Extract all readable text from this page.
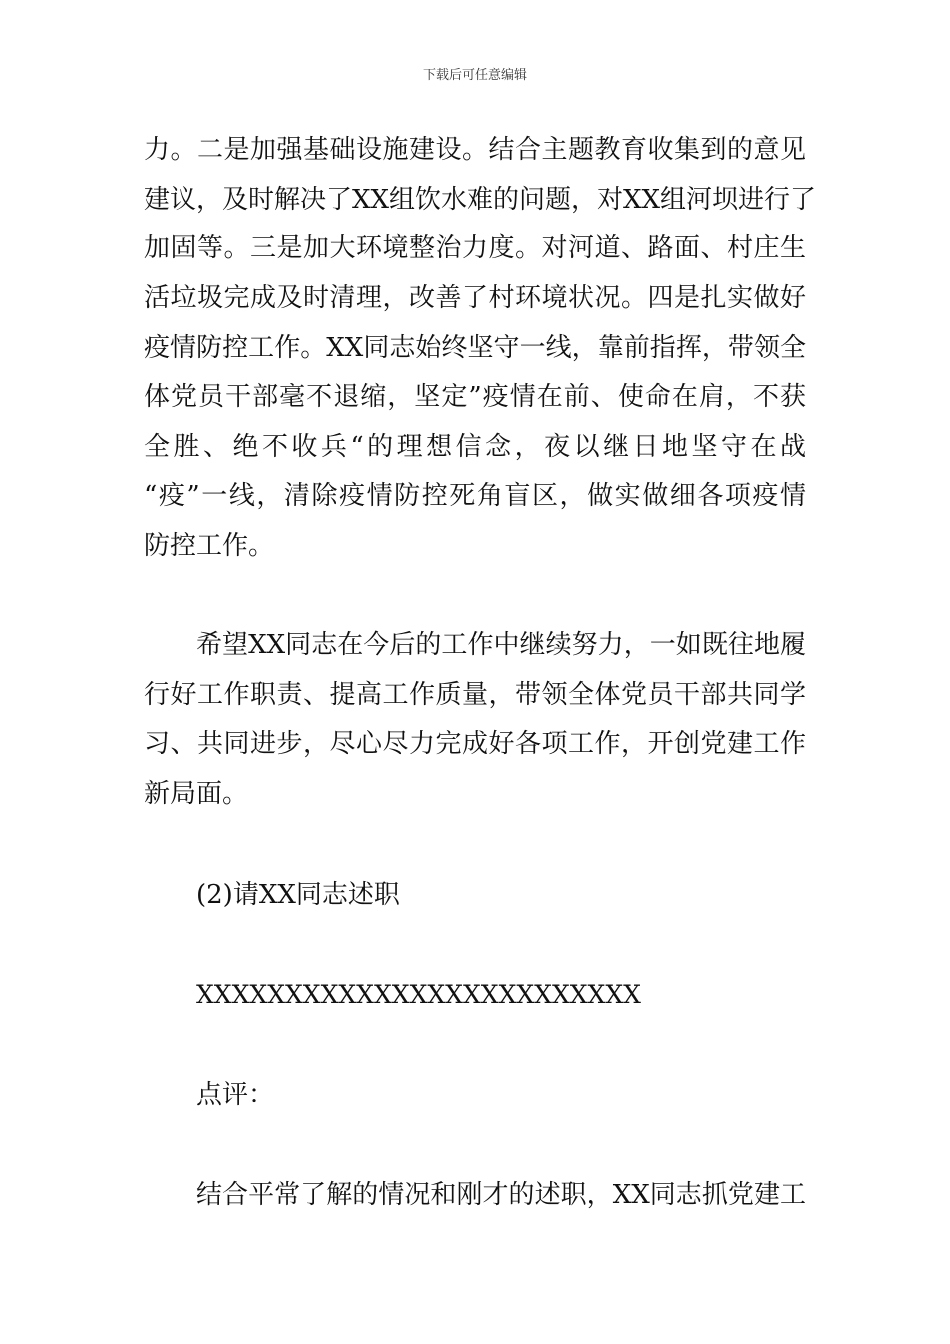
下载后可任意编辑
力。二是加强基础设施建设。结合主题教育收集到的意见
建议，及时解决了XX组饮水难的问题，对XX组河坝进行了
加固等。三是加大环境整治力度。对河道、路面、村庄生
活垃圾完成及时清理，改善了村环境状况。四是扎实做好
疫情防控工作。XX同志始终坚守一线，靠前指挥，带领全
体党员干部毫不退缩，坚定”疫情在前、使命在肩，不获
全胜、绝不收兵“的理想信念，夜以继日地坚守在战
“疫”一线，清除疫情防控死角盲区，做实做细各项疫情
防控工作。
希望XX同志在今后的工作中继续努力，一如既往地履
行好工作职责、提高工作质量，带领全体党员干部共同学
习、共同进步，尽心尽力完成好各项工作，开创党建工作
新局面。
(2)请XX同志述职
XXXXXXXXXXXXXXXXXXXXXXXXX
点评：
结合平常了解的情况和刚才的述职，XX同志抓党建工
